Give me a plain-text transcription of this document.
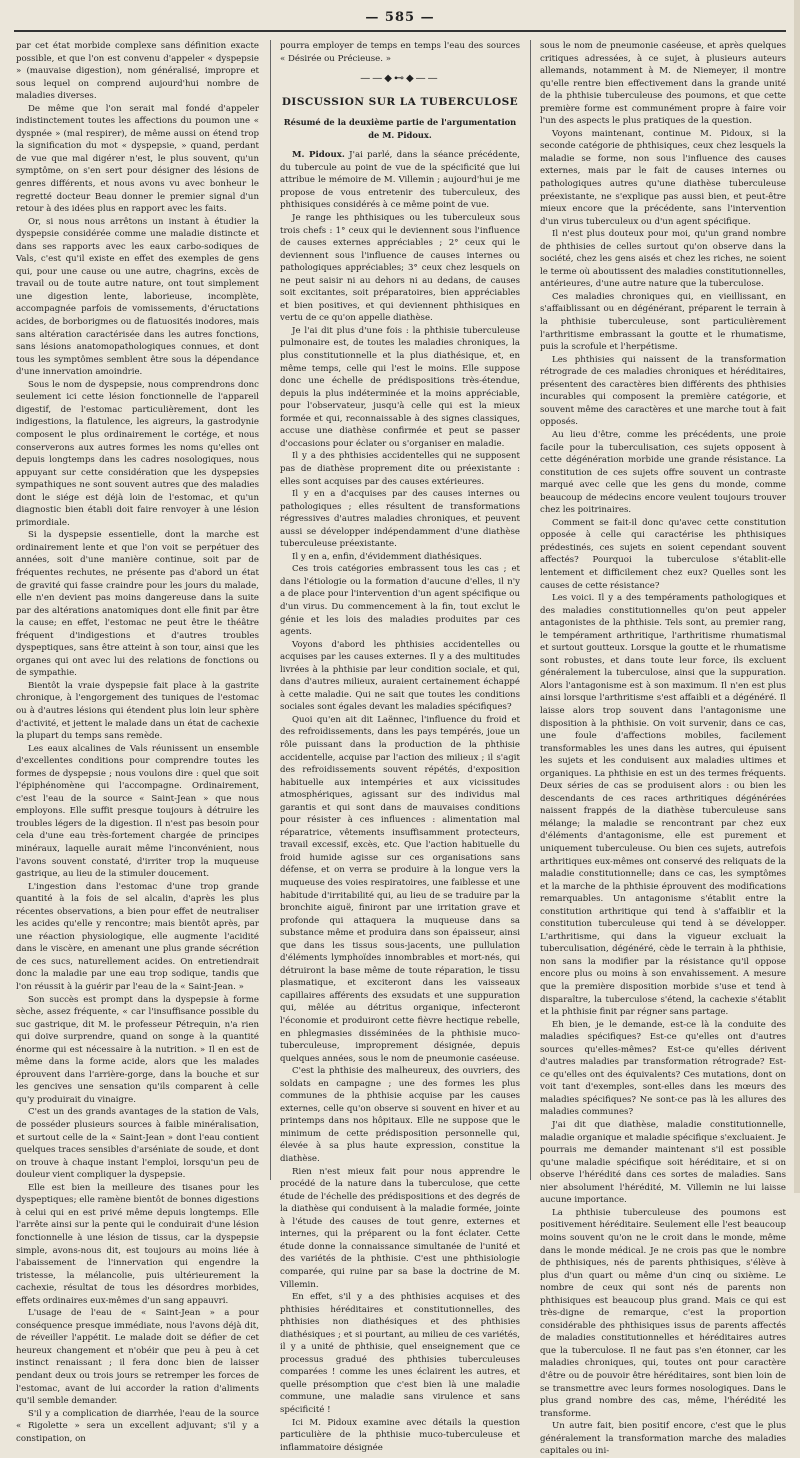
— 585 —

par cet état morbide complexe sans définition exacte possible, et que l'on est convenu d'appeler « dyspepsie » (mauvaise digestion), nom généralisé, impropre et sous lequel on comprend aujourd'hui nombre de maladies diverses.

De même que l'on serait mal fondé d'appeler indistinctement toutes les affections du poumon une « dyspnée » (mal respirer), de même aussi on étend trop la signification du mot « dyspepsie, » quand, perdant de vue que mal digérer n'est, le plus souvent, qu'un symptôme, on s'en sert pour désigner des lésions de genres différents, et nous avons vu avec bonheur le regretté docteur Beau donner le premier signal d'un retour à des idées plus en rapport avec les faits.

Or, si nous nous arrêtons un instant à étudier la dyspepsie considérée comme une maladie distincte et dans ses rapports avec les eaux carbo-sodiques de Vals, c'est qu'il existe en effet des exemples de gens qui, pour une cause ou une autre, chagrins, excès de travail ou de toute autre nature, ont tout simplement une digestion lente, laborieuse, incomplète, accompagnée parfois de vomissements, d'éructations acides, de borborigmes ou de flatuosités inodores, mais sans altération caractérisée dans les autres fonctions, sans lésions anatomopathologiques connues, et dont tous les symptômes semblent être sous la dépendance d'une innervation amoindrie.

Sous le nom de dyspepsie, nous comprendrons donc seulement ici cette lésion fonctionnelle de l'appareil digestif, de l'estomac particulièrement, dont les indigestions, la flatulence, les aigreurs, la gastrodynie composent le plus ordinairement le cortége, et nous conserverons aux autres formes les noms qu'elles ont depuis longtemps dans les cadres nosologiques, nous appuyant sur cette considération que les dyspepsies sympathiques ne sont souvent autres que des maladies dont le siége est déjà loin de l'estomac, et qu'un diagnostic bien établi doit faire renvoyer à une lésion primordiale.

Si la dyspepsie essentielle, dont la marche est ordinairement lente et que l'on voit se perpétuer des années, soit d'une manière continue, soit par de fréquentes rechutes, ne présente pas d'abord un état de gravité qui fasse craindre pour les jours du malade, elle n'en devient pas moins dangereuse dans la suite par des altérations anatomiques dont elle finit par être la cause; en effet, l'estomac ne peut être le théâtre fréquent d'indigestions et d'autres troubles dyspeptiques, sans être atteint à son tour, ainsi que les organes qui ont avec lui des relations de fonctions ou de sympathie.

Bientôt la vraie dyspepsie fait place à la gastrite chronique, à l'engorgement des tuniques de l'estomac ou à d'autres lésions qui étendent plus loin leur sphère d'activité, et jettent le malade dans un état de cachexie la plupart du temps sans remède.

Les eaux alcalines de Vals réunissent un ensemble d'excellentes conditions pour comprendre toutes les formes de dyspepsie ; nous voulons dire : quel que soit l'épiphénomène qui l'accompagne. Ordinairement, c'est l'eau de la source « Saint-Jean » que nous employons. Elle suffit presque toujours à détruire les troubles légers de la digestion. Il n'est pas besoin pour cela d'une eau très-fortement chargée de principes minéraux, laquelle aurait même l'inconvénient, nous l'avons souvent constaté, d'irriter trop la muqueuse gastrique, au lieu de la stimuler doucement.

L'ingestion dans l'estomac d'une trop grande quantité à la fois de sel alcalin, d'après les plus récentes observations, a bien pour effet de neutraliser les acides qu'elle y rencontre; mais bientôt après, par une réaction physiologique, elle augmente l'acidité dans le viscère, en amenant une plus grande sécrétion de ces sucs, naturellement acides. On entretiendrait donc la maladie par une eau trop sodique, tandis que l'on réussit à la guérir par l'eau de la « Saint-Jean. »

Son succès est prompt dans la dyspepsie à forme sèche, assez fréquente, « car l'insuffisance possible du suc gastrique, dit M. le professeur Pétrequin, n'a rien qui doive surprendre, quand on songe à la quantité énorme qui est nécessaire à la nutrition. » Il en est de même dans la forme acide, alors que les malades éprouvent dans l'arrière-gorge, dans la bouche et sur les gencives une sensation qu'ils comparent à celle qu'y produirait du vinaigre.

C'est un des grands avantages de la station de Vals, de posséder plusieurs sources à faible minéralisation, et surtout celle de la « Saint-Jean » dont l'eau contient quelques traces sensibles d'arséniate de soude, et dont on trouve à chaque instant l'emploi, lorsqu'un peu de douleur vient compliquer la dyspepsie.

Elle est bien la meilleure des tisanes pour les dyspeptiques; elle ramène bientôt de bonnes digestions à celui qui en est privé même depuis longtemps. Elle l'arrête ainsi sur la pente qui le conduirait d'une lésion fonctionnelle à une lésion de tissus, car la dyspepsie simple, avons-nous dit, est toujours au moins liée à l'abaissement de l'innervation qui engendre la tristesse, la mélancolie, puis ultérieurement la cachexie, résultat de tous les désordres morbides, effets ordinaires eux-mêmes d'un sang appauvri.

L'usage de l'eau de « Saint-Jean » a pour conséquence presque immédiate, nous l'avons déjà dit, de réveiller l'appétit. Le malade doit se défier de cet heureux changement et n'obéir que peu à peu à cet instinct renaissant ; il fera donc bien de laisser pendant deux ou trois jours se retremper les forces de l'estomac, avant de lui accorder la ration d'aliments qu'il semble demander.

S'il y a complication de diarrhée, l'eau de la source « Rigolette » sera un excellent adjuvant; s'il y a constipation, on

pourra employer de temps en temps l'eau des sources « Désirée ou Précieuse. »

——◆⊷◆——
DISCUSSION SUR LA TUBERCULOSE
Résumé de la deuxième partie de l'argumentation de M. Pidoux.

M. Pidoux. J'ai parlé, dans la séance précédente, du tubercule au point de vue de la spécificité que lui attribue le mémoire de M. Villemin ; aujourd'hui je me propose de vous entretenir des tuberculeux, des phthisiques considérés à ce même point de vue.

Je range les phthisiques ou les tuberculeux sous trois chefs : 1° ceux qui le deviennent sous l'influence de causes externes appréciables ; 2° ceux qui le deviennent sous l'influence de causes internes ou pathologiques appréciables; 3° ceux chez lesquels on ne peut saisir ni au dehors ni au dedans, de causes soit excitantes, soit préparatoires, bien appréciables et bien positives, et qui deviennent phthisiques en vertu de ce qu'on appelle diathèse.

Je l'ai dit plus d'une fois : la phthisie tuberculeuse pulmonaire est, de toutes les maladies chroniques, la plus constitutionnelle et la plus diathésique, et, en même temps, celle qui l'est le moins. Elle suppose donc une échelle de prédispositions très-étendue, depuis la plus indéterminée et la moins appréciable, pour l'observateur, jusqu'à celle qui est la mieux formée et qui, reconnaissable à des signes classiques, accuse une diathèse confirmée et peut se passer d'occasions pour éclater ou s'organiser en maladie.

Il y a des phthisies accidentelles qui ne supposent pas de diathèse proprement dite ou préexistante : elles sont acquises par des causes extérieures.

Il y en a d'acquises par des causes internes ou pathologiques ; elles résultent de transformations régressives d'autres maladies chroniques, et peuvent aussi se développer indépendamment d'une diathèse tuberculeuse préexistante.

Il y en a, enfin, d'évidemment diathésiques.

Ces trois catégories embrassent tous les cas ; et dans l'étiologie ou la formation d'aucune d'elles, il n'y a de place pour l'intervention d'un agent spécifique ou d'un virus. Du commencement à la fin, tout exclut le génie et les lois des maladies produites par ces agents.

Voyons d'abord les phthisies accidentelles ou acquises par les causes externes. Il y a des multitudes livrées à la phthisie par leur condition sociale, et qui, dans d'autres milieux, auraient certainement échappé à cette maladie. Qui ne sait que toutes les conditions sociales sont égales devant les maladies spécifiques?

Quoi qu'en ait dit Laënnec, l'influence du froid et des refroidissements, dans les pays tempérés, joue un rôle puissant dans la production de la phthisie accidentelle, acquise par l'action des milieux ; il s'agit des refroidissements souvent répétés, d'exposition habituelle aux intempéries et aux vicissitudes atmosphériques, agissant sur des individus mal garantis et qui sont dans de mauvaises conditions pour résister à ces influences : alimentation mal réparatrice, vêtements insuffisamment protecteurs, travail excessif, excès, etc. Que l'action habituelle du froid humide agisse sur ces organisations sans défense, et on verra se produire à la longue vers la muqueuse des voies respiratoires, une faiblesse et une habitude d'irritabilité qui, au lieu de se traduire par la bronchite aiguë, finiront par une irritation grave et profonde qui attaquera la muqueuse dans sa substance même et produira dans son épaisseur, ainsi que dans les tissus sous-jacents, une pullulation d'éléments lymphoïdes innombrables et mort-nés, qui détruiront la base même de toute réparation, le tissu plasmatique, et exciteront dans les vaisseaux capillaires afférents des exsudats et une suppuration qui, mêlée au détritus organique, infecteront l'économie et produiront cette fièvre hectique rebelle, en phlegmasies disséminées de la phthisie muco-tuberculeuse, improprement désignée, depuis quelques années, sous le nom de pneumonie caséeuse.

C'est la phthisie des malheureux, des ouvriers, des soldats en campagne ; une des formes les plus communes de la phthisie acquise par les causes externes, celle qu'on observe si souvent en hiver et au printemps dans nos hôpitaux. Elle ne suppose que le minimum de cette prédisposition personnelle qui, élevée à sa plus haute expression, constitue la diathèse.

Rien n'est mieux fait pour nous apprendre le procédé de la nature dans la tuberculose, que cette étude de l'échelle des prédispositions et des degrés de la diathèse qui conduisent à la maladie formée, jointe à l'étude des causes de tout genre, externes et internes, qui la préparent ou la font éclater. Cette étude donne la connaissance simultanée de l'unité et des variétés de la phthisie. C'est une phthisiologie comparée, qui ruine par sa base la doctrine de M. Villemin.

En effet, s'il y a des phthisies acquises et des phthisies héréditaires et constitutionnelles, des phthisies non diathésiques et des phthisies diathésiques ; et si pourtant, au milieu de ces variétés, il y a unité de phthisie, quel enseignement que ce processus gradué des phthisies tuberculeuses comparées ! comme les unes éclairent les autres, et quelle présomption que c'est bien là une maladie commune, une maladie sans virulence et sans spécificité !

Ici M. Pidoux examine avec détails la question particulière de la phthisie muco-tuberculeuse et inflammatoire désignée

sous le nom de pneumonie caséeuse, et après quelques critiques adressées, à ce sujet, à plusieurs auteurs allemands, notamment à M. de Niemeyer, il montre qu'elle rentre bien effectivement dans la grande unité de la phthisie tuberculeuse des poumons, et que cette première forme est communément propre à faire voir l'un des aspects le plus pratiques de la question.

Voyons maintenant, continue M. Pidoux, si la seconde catégorie de phthisiques, ceux chez lesquels la maladie se forme, non sous l'influence des causes externes, mais par le fait de causes internes ou pathologiques autres qu'une diathèse tuberculeuse préexistante, ne s'explique pas aussi bien, et peut-être mieux encore que la précédente, sans l'intervention d'un virus tuberculeux ou d'un agent spécifique.

Il n'est plus douteux pour moi, qu'un grand nombre de phthisies de celles surtout qu'on observe dans la société, chez les gens aisés et chez les riches, ne soient le terme où aboutissent des maladies constitutionnelles, antérieures, d'une autre nature que la tuberculose.

Ces maladies chroniques qui, en vieillissant, en s'affaiblissant ou en dégénérant, préparent le terrain à la phthisie tuberculeuse, sont particulièrement l'arthritisme embrassant la goutte et le rhumatisme, puis la scrofule et l'herpétisme.

Les phthisies qui naissent de la transformation rétrograde de ces maladies chroniques et héréditaires, présentent des caractères bien différents des phthisies incurables qui composent la première catégorie, et souvent même des caractères et une marche tout à fait opposés.

Au lieu d'être, comme les précédents, une proie facile pour la tuberculisation, ces sujets opposent à cette dégénération morbide une grande résistance. La constitution de ces sujets offre souvent un contraste marqué avec celle que les gens du monde, comme beaucoup de médecins encore veulent toujours trouver chez les poitrinaires.

Comment se fait-il donc qu'avec cette constitution opposée à celle qui caractérise les phthisiques prédestinés, ces sujets en soient cependant souvent affectés? Pourquoi la tuberculose s'établit-elle lentement et difficilement chez eux? Quelles sont les causes de cette résistance?

Les voici. Il y a des tempéraments pathologiques et des maladies constitutionnelles qu'on peut appeler antagonistes de la phthisie. Tels sont, au premier rang, le tempérament arthritique, l'arthritisme rhumatismal et surtout goutteux. Lorsque la goutte et le rhumatisme sont robustes, et dans toute leur force, ils excluent généralement la tuberculose, ainsi que la suppuration. Alors l'antagonisme est à son maximum. Il n'en est plus ainsi lorsque l'arthritisme s'est affaibli et a dégénéré. Il laisse alors trop souvent dans l'antagonisme une disposition à la phthisie. On voit survenir, dans ce cas, une foule d'affections mobiles, facilement transformables les unes dans les autres, qui épuisent les sujets et les conduisent aux maladies ultimes et organiques. La phthisie en est un des termes fréquents. Deux séries de cas se produisent alors : ou bien les descendants de ces races arthritiques dégénérées naissent frappés de la diathèse tuberculeuse sans mélange; la maladie se rencontrant par chez eux d'éléments d'antagonisme, elle est purement et uniquement tuberculeuse. Ou bien ces sujets, autrefois arthritiques eux-mêmes ont conservé des reliquats de la maladie constitutionnelle; dans ce cas, les symptômes et la marche de la phthisie éprouvent des modifications remarquables. Un antagonisme s'établit entre la constitution arthritique qui tend à s'affaiblir et la constitution tuberculeuse qui tend à se développer. L'arthritisme, qui dans la vigueur excluait la tuberculisation, dégénéré, cède le terrain à la phthisie, non sans la modifier par la résistance qu'il oppose encore plus ou moins à son envahissement. A mesure que la première disposition morbide s'use et tend à disparaître, la tuberculose s'étend, la cachexie s'établit et la phthisie finit par régner sans partage.

Eh bien, je le demande, est-ce là la conduite des maladies spécifiques? Est-ce qu'elles ont d'autres sources qu'elles-mêmes? Est-ce qu'elles dérivent d'autres maladies par transformation rétrograde? Est-ce qu'elles ont des équivalents? Ces mutations, dont on voit tant d'exemples, sont-elles dans les mœurs des maladies spécifiques? Ne sont-ce pas là les allures des maladies communes?

J'ai dit que diathèse, maladie constitutionnelle, maladie organique et maladie spécifique s'excluaient. Je pourrais me demander maintenant s'il est possible qu'une maladie spécifique soit héréditaire, et si on observe l'hérédité dans ces sortes de maladies. Sans nier absolument l'hérédité, M. Villemin ne lui laisse aucune importance.

La phthisie tuberculeuse des poumons est positivement héréditaire. Seulement elle l'est beaucoup moins souvent qu'on ne le croit dans le monde, même dans le monde médical. Je ne crois pas que le nombre de phthisiques, nés de parents phthisiques, s'élève à plus d'un quart ou même d'un cinq ou sixième. Le nombre de ceux qui sont nés de parents non phthisiques est beaucoup plus grand. Mais ce qui est très-digne de remarque, c'est la proportion considérable des phthisiques issus de parents affectés de maladies constitutionnelles et héréditaires autres que la tuberculose. Il ne faut pas s'en étonner, car les maladies chroniques, qui, toutes ont pour caractère d'être ou de pouvoir être héréditaires, sont bien loin de se transmettre avec leurs formes nosologiques. Dans le plus grand nombre des cas, même, l'hérédité les transforme.

Un autre fait, bien positif encore, c'est que le plus généralement la transformation marche des maladies capitales ou ini-
